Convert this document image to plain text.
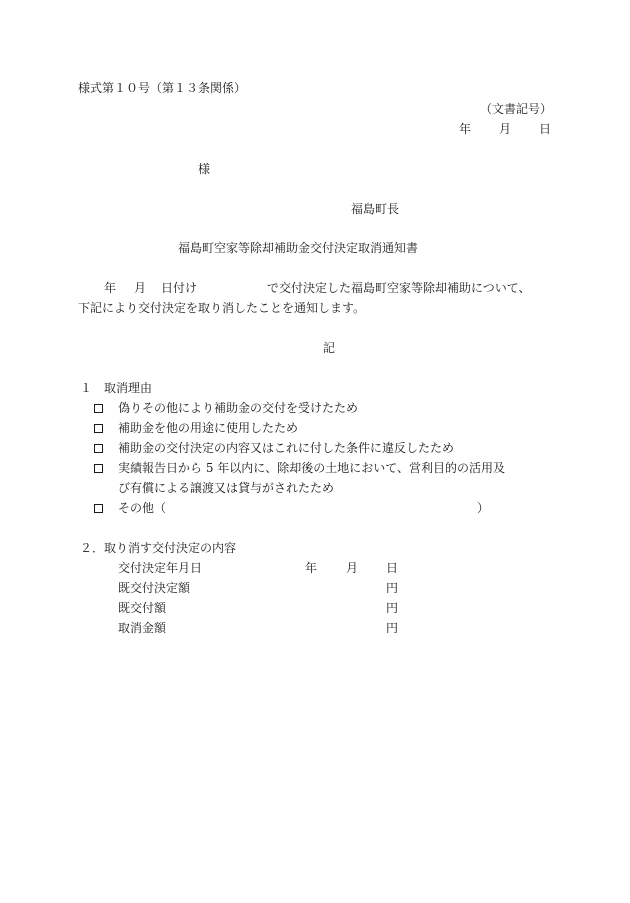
様式第１０号（第１３条関係）
（文書記号）
年 月 日
様
福島町長
福島町空家等除却補助金交付決定取消通知書
年 月 日付け	で交付決定した福島町空家等除却補助について、
下記により交付決定を取り消したことを通知します。
記
１　取消理由
偽りその他により補助金の交付を受けたため
補助金を他の用途に使用したため
補助金の交付決定の内容又はこれに付した条件に違反したため
実績報告日から 5 年以内に、除却後の土地において、営利目的の活用及
び有償による譲渡又は貸与がされたため
その他（	）
２．取り消す交付決定の内容
交付決定年月日	年 月 日
既交付決定額	円
既交付額	円
取消金額	円
